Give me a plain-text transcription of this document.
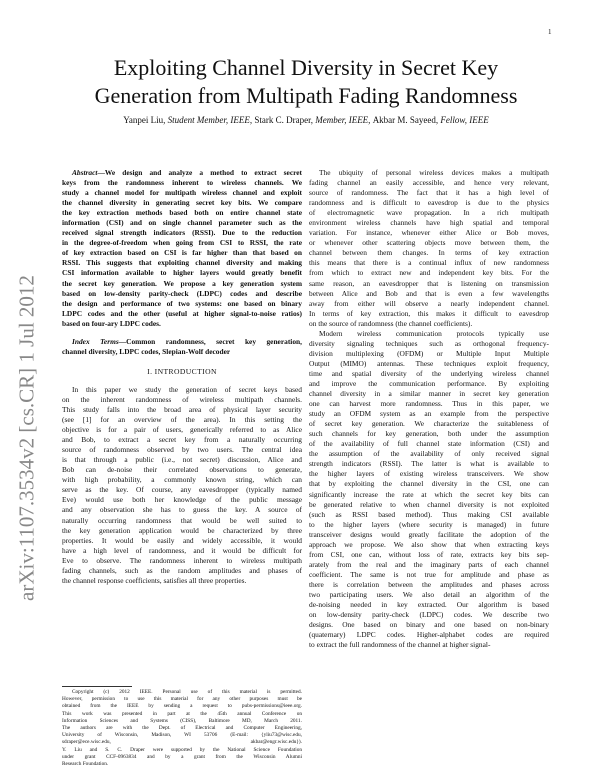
1
arXiv:1107.3534v2 [cs.CR] 1 Jul 2012
Exploiting Channel Diversity in Secret Key
Generation from Multipath Fading Randomness
Yanpei Liu, Student Member, IEEE, Stark C. Draper, Member, IEEE, Akbar M. Sayeed, Fellow, IEEE
Abstract—We design and analyze a method to extract secret
keys from the randomness inherent to wireless channels. We
study a channel model for multipath wireless channel and exploit
the channel diversity in generating secret key bits. We compare
the key extraction methods based both on entire channel state
information (CSI) and on single channel parameter such as the
received signal strength indicators (RSSI). Due to the reduction
in the degree-of-freedom when going from CSI to RSSI, the rate
of key extraction based on CSI is far higher than that based on
RSSI. This suggests that exploiting channel diversity and making
CSI information available to higher layers would greatly benefit
the secret key generation. We propose a key generation system
based on low-density parity-check (LDPC) codes and describe
the design and performance of two systems: one based on binary
LDPC codes and the other (useful at higher signal-to-noise ratios)
based on four-ary LDPC codes.
Index Terms—Common randomness, secret key generation,
channel diversity, LDPC codes, Slepian-Wolf decoder
I. INTRODUCTION
In this paper we study the generation of secret keys based
on the inherent randomness of wireless multipath channels.
This study falls into the broad area of physical layer security
(see [1] for an overview of the area). In this setting the
objective is for a pair of users, generically referred to as Alice
and Bob, to extract a secret key from a naturally occurring
source of randomness observed by two users. The central idea
is that through a public (i.e., not secret) discussion, Alice and
Bob can de-noise their correlated observations to generate,
with high probability, a commonly known string, which can
serve as the key. Of course, any eavesdropper (typically named
Eve) would use both her knowledge of the public message
and any observation she has to guess the key. A source of
naturally occurring randomness that would be well suited to
the key generation application would be characterized by three
properties. It would be easily and widely accessible, it would
have a high level of randomness, and it would be difficult for
Eve to observe. The randomness inherent to wireless multipath
fading channels, such as the random amplitudes and phases of
the channel response coefficients, satisfies all three properties.
Copyright (c) 2012 IEEE. Personal use of this material is permitted.
However, permission to use this material for any other purposes must be
obtained from the IEEE by sending a request to pubs-permissions@ieee.org.
This work was presented in part at the 45th annual Conference on
Information Sciences and Systems (CISS), Baltimore MD, March 2011.
The authors are with the Dept. of Electrical and Computer Engineering,
University of Wisconsin, Madison, WI 53706 (E-mail: {yliu73@wisc.edu,
sdraper@ece.wisc.edu, akbar@engr.wisc.edu}).
Y. Liu and S. C. Draper were supported by the National Science Foundation
under grant CCF-0963834 and by a grant from the Wisconsin Alumni
Research Foundation.
The ubiquity of personal wireless devices makes a multipath
fading channel an easily accessible, and hence very relevant,
source of randomness. The fact that it has a high level of
randomness and is difficult to eavesdrop is due to the physics
of electromagnetic wave propagation. In a rich multipath
environment wireless channels have high spatial and temporal
variation. For instance, whenever either Alice or Bob moves,
or whenever other scattering objects move between them, the
channel between them changes. In terms of key extraction
this means that there is a continual influx of new randomness
from which to extract new and independent key bits. For the
same reason, an eavesdropper that is listening on transmission
between Alice and Bob and that is even a few wavelengths
away from either will observe a nearly independent channel.
In terms of key extraction, this makes it difficult to eavesdrop
on the source of randomness (the channel coefficients).
Modern wireless communication protocols typically use
diversity signaling techniques such as orthogonal frequency-
division multiplexing (OFDM) or Multiple Input Multiple
Output (MIMO) antennas. These techniques exploit frequency,
time and spatial diversity of the underlying wireless channel
and improve the communication performance. By exploiting
channel diversity in a similar manner in secret key generation
one can harvest more randomness. Thus in this paper, we
study an OFDM system as an example from the perspective
of secret key generation. We characterize the suitableness of
such channels for key generation, both under the assumption
of the availability of full channel state information (CSI) and
the assumption of the availability of only received signal
strength indicators (RSSI). The latter is what is available to
the higher layers of existing wireless transceivers. We show
that by exploiting the channel diversity in the CSI, one can
significantly increase the rate at which the secret key bits can
be generated relative to when channel diversity is not exploited
(such as RSSI based method). Thus making CSI available
to the higher layers (where security is managed) in future
transceiver designs would greatly facilitate the adoption of the
approach we propose. We also show that when extracting keys
from CSI, one can, without loss of rate, extracts key bits sep-
arately from the real and the imaginary parts of each channel
coefficient. The same is not true for amplitude and phase as
there is correlation between the amplitudes and phases across
two participating users. We also detail an algorithm of the
de-noising needed in key extracted. Our algorithm is based
on low-density parity-check (LDPC) codes. We describe two
designs. One based on binary and one based on non-binary
(quaternary) LDPC codes. Higher-alphabet codes are required
to extract the full randomness of the channel at higher signal-
